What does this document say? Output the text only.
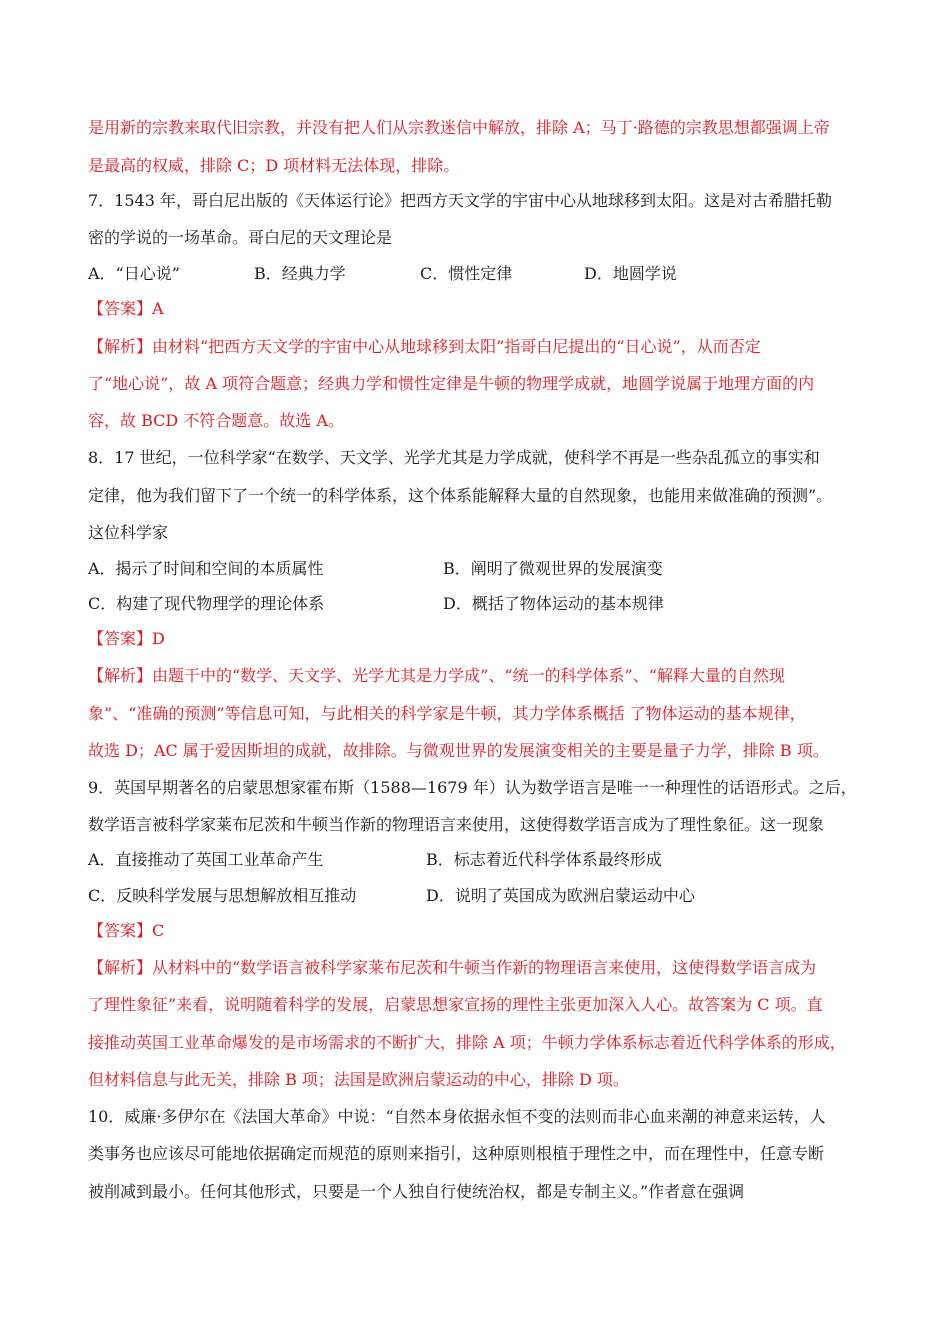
是用新的宗教来取代旧宗教，并没有把人们从宗教迷信中解放，排除 A；马丁·路德的宗教思想都强调上帝
是最高的权威，排除 C；D 项材料无法体现，排除。
7．1543 年，哥白尼出版的《天体运行论》把西方天文学的宇宙中心从地球移到太阳。这是对古希腊托勒
密的学说的一场革命。哥白尼的天文理论是
A．“日心说”	B．经典力学	C．惯性定律	D．地圆学说
【答案】A
【解析】由材料“把西方天文学的宇宙中心从地球移到太阳”指哥白尼提出的“日心说”，从而否定
了“地心说”，故 A 项符合题意；经典力学和惯性定律是牛顿的物理学成就，地圆学说属于地理方面的内
容，故 BCD 不符合题意。故选 A。
8．17 世纪，一位科学家“在数学、天文学、光学尤其是力学成就，使科学不再是一些杂乱孤立的事实和
定律，他为我们留下了一个统一的科学体系，这个体系能解释大量的自然现象，也能用来做准确的预测”。
这位科学家
A．揭示了时间和空间的本质属性	B．阐明了微观世界的发展演变
C．构建了现代物理学的理论体系	D．概括了物体运动的基本规律
【答案】D
【解析】由题干中的“数学、天文学、光学尤其是力学成”、“统一的科学体系”、“解释大量的自然现
象”、“准确的预测”等信息可知，与此相关的科学家是牛顿，其力学体系概括 了物体运动的基本规律，
故选 D；AC 属于爱因斯坦的成就，故排除。与微观世界的发展演变相关的主要是量子力学，排除 B 项。
9．英国早期著名的启蒙思想家霍布斯（1588—1679 年）认为数学语言是唯一一种理性的话语形式。之后，
数学语言被科学家莱布尼茨和牛顿当作新的物理语言来使用，这使得数学语言成为了理性象征。这一现象
A．直接推动了英国工业革命产生	B．标志着近代科学体系最终形成
C．反映科学发展与思想解放相互推动	D．说明了英国成为欧洲启蒙运动中心
【答案】C
【解析】从材料中的“数学语言被科学家莱布尼茨和牛顿当作新的物理语言来使用，这使得数学语言成为
了理性象征”来看，说明随着科学的发展，启蒙思想家宣扬的理性主张更加深入人心。故答案为 C 项。直
接推动英国工业革命爆发的是市场需求的不断扩大，排除 A 项；牛顿力学体系标志着近代科学体系的形成，
但材料信息与此无关，排除 B 项；法国是欧洲启蒙运动的中心，排除 D 项。
10．威廉·多伊尔在《法国大革命》中说：“自然本身依据永恒不变的法则而非心血来潮的神意来运转，人
类事务也应该尽可能地依据确定而规范的原则来指引，这种原则根植于理性之中，而在理性中，任意专断
被削减到最小。任何其他形式，只要是一个人独自行使统治权，都是专制主义。”作者意在强调
